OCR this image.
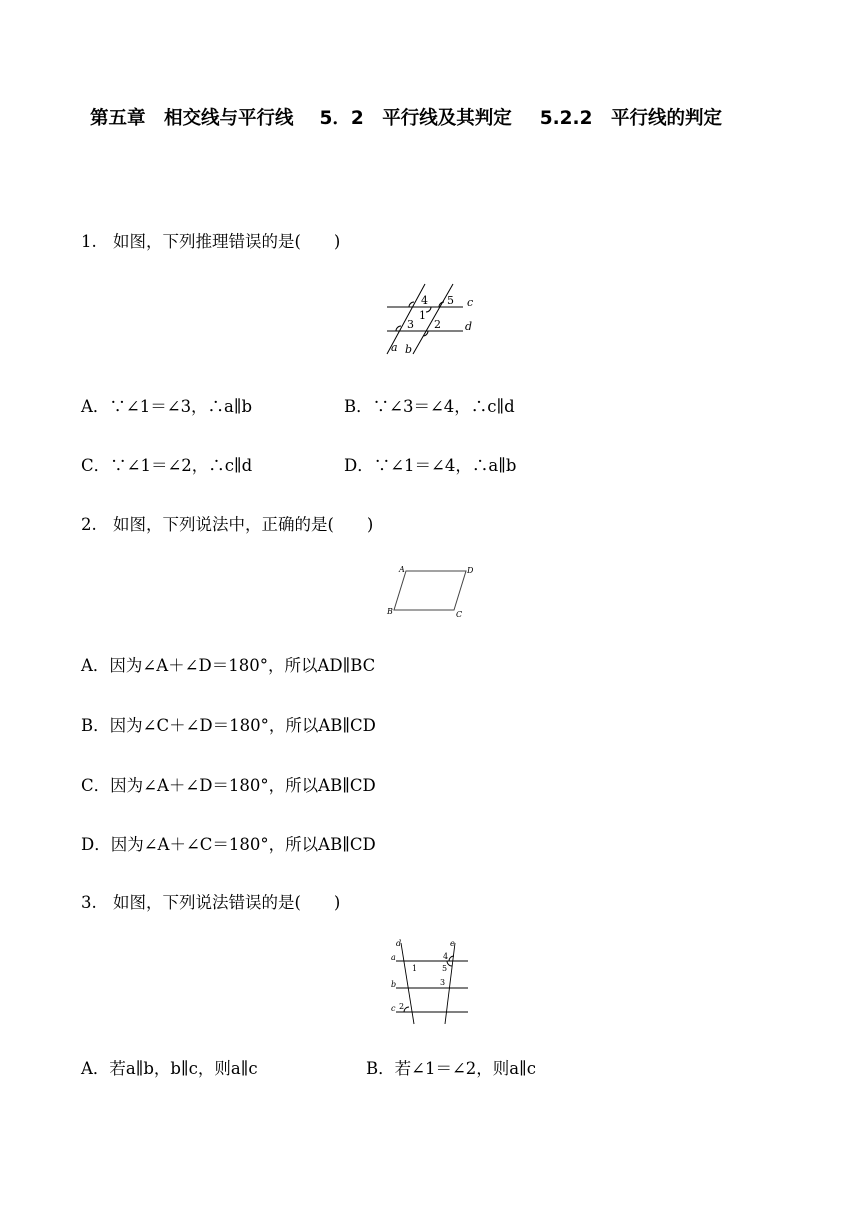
第五章　相交线与平行线 5．2　平行线及其判定 5.2.2　平行线的判定
1. 如图，下列推理错误的是(　　)
4 5 c
1
3 2 d
a b
A．∵∠1＝∠3，∴a∥b	B．∵∠3＝∠4，∴c∥d
C．∵∠1＝∠2，∴c∥d	D．∵∠1＝∠4，∴a∥b
2. 如图，下列说法中，正确的是(　　)
A	D
B	C
A．因为∠A＋∠D＝180°，所以AD∥BC
B．因为∠C＋∠D＝180°，所以AB∥CD
C．因为∠A＋∠D＝180°，所以AB∥CD
D．因为∠A＋∠C＝180°，所以AB∥CD
3. 如图，下列说法错误的是(　　)
d	e
a	4
1	5
b	3
c 2
A．若a∥b，b∥c，则a∥c	B．若∠1＝∠2，则a∥c
